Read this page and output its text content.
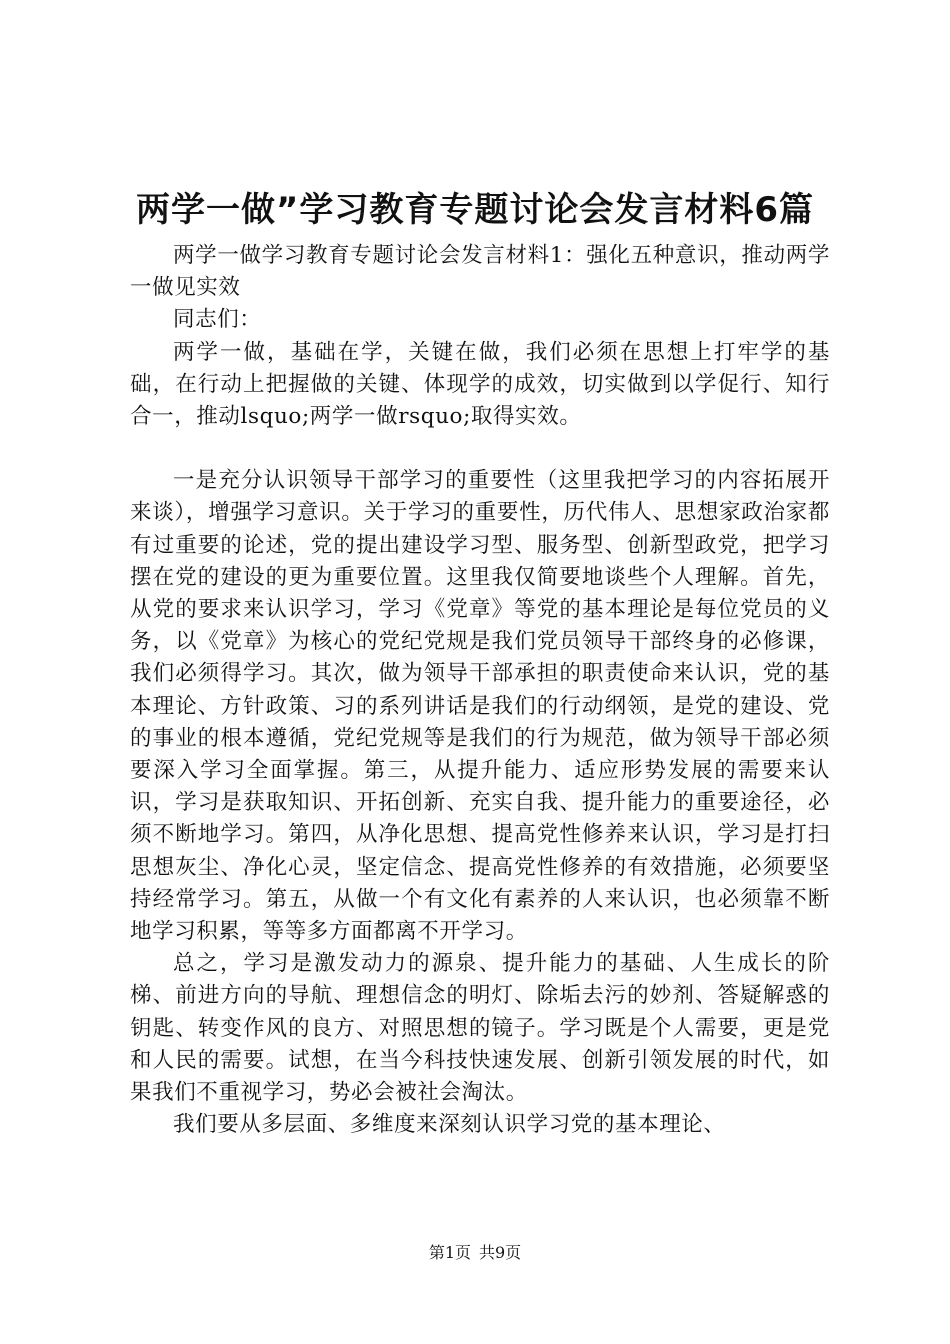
两学一做”学习教育专题讨论会发言材料6篇

两学一做学习教育专题讨论会发言材料1：强化五种意识，推动两学一做见实效

同志们：

两学一做，基础在学，关键在做，我们必须在思想上打牢学的基础，在行动上把握做的关键、体现学的成效，切实做到以学促行、知行合一，推动lsquo;两学一做rsquo;取得实效。

一是充分认识领导干部学习的重要性（这里我把学习的内容拓展开来谈），增强学习意识。关于学习的重要性，历代伟人、思想家政治家都有过重要的论述，党的提出建设学习型、服务型、创新型政党，把学习摆在党的建设的更为重要位置。这里我仅简要地谈些个人理解。首先，从党的要求来认识学习，学习《党章》等党的基本理论是每位党员的义务，以《党章》为核心的党纪党规是我们党员领导干部终身的必修课，我们必须得学习。其次，做为领导干部承担的职责使命来认识，党的基本理论、方针政策、习的系列讲话是我们的行动纲领，是党的建设、党的事业的根本遵循，党纪党规等是我们的行为规范，做为领导干部必须要深入学习全面掌握。第三，从提升能力、适应形势发展的需要来认识，学习是获取知识、开拓创新、充实自我、提升能力的重要途径，必须不断地学习。第四，从净化思想、提高党性修养来认识，学习是打扫思想灰尘、净化心灵，坚定信念、提高党性修养的有效措施，必须要坚持经常学习。第五，从做一个有文化有素养的人来认识，也必须靠不断地学习积累，等等多方面都离不开学习。

总之，学习是激发动力的源泉、提升能力的基础、人生成长的阶梯、前进方向的导航、理想信念的明灯、除垢去污的妙剂、答疑解惑的钥匙、转变作风的良方、对照思想的镜子。学习既是个人需要，更是党和人民的需要。试想，在当今科技快速发展、创新引领发展的时代，如果我们不重视学习，势必会被社会淘汰。

我们要从多层面、多维度来深刻认识学习党的基本理论、

第1页 共9页
